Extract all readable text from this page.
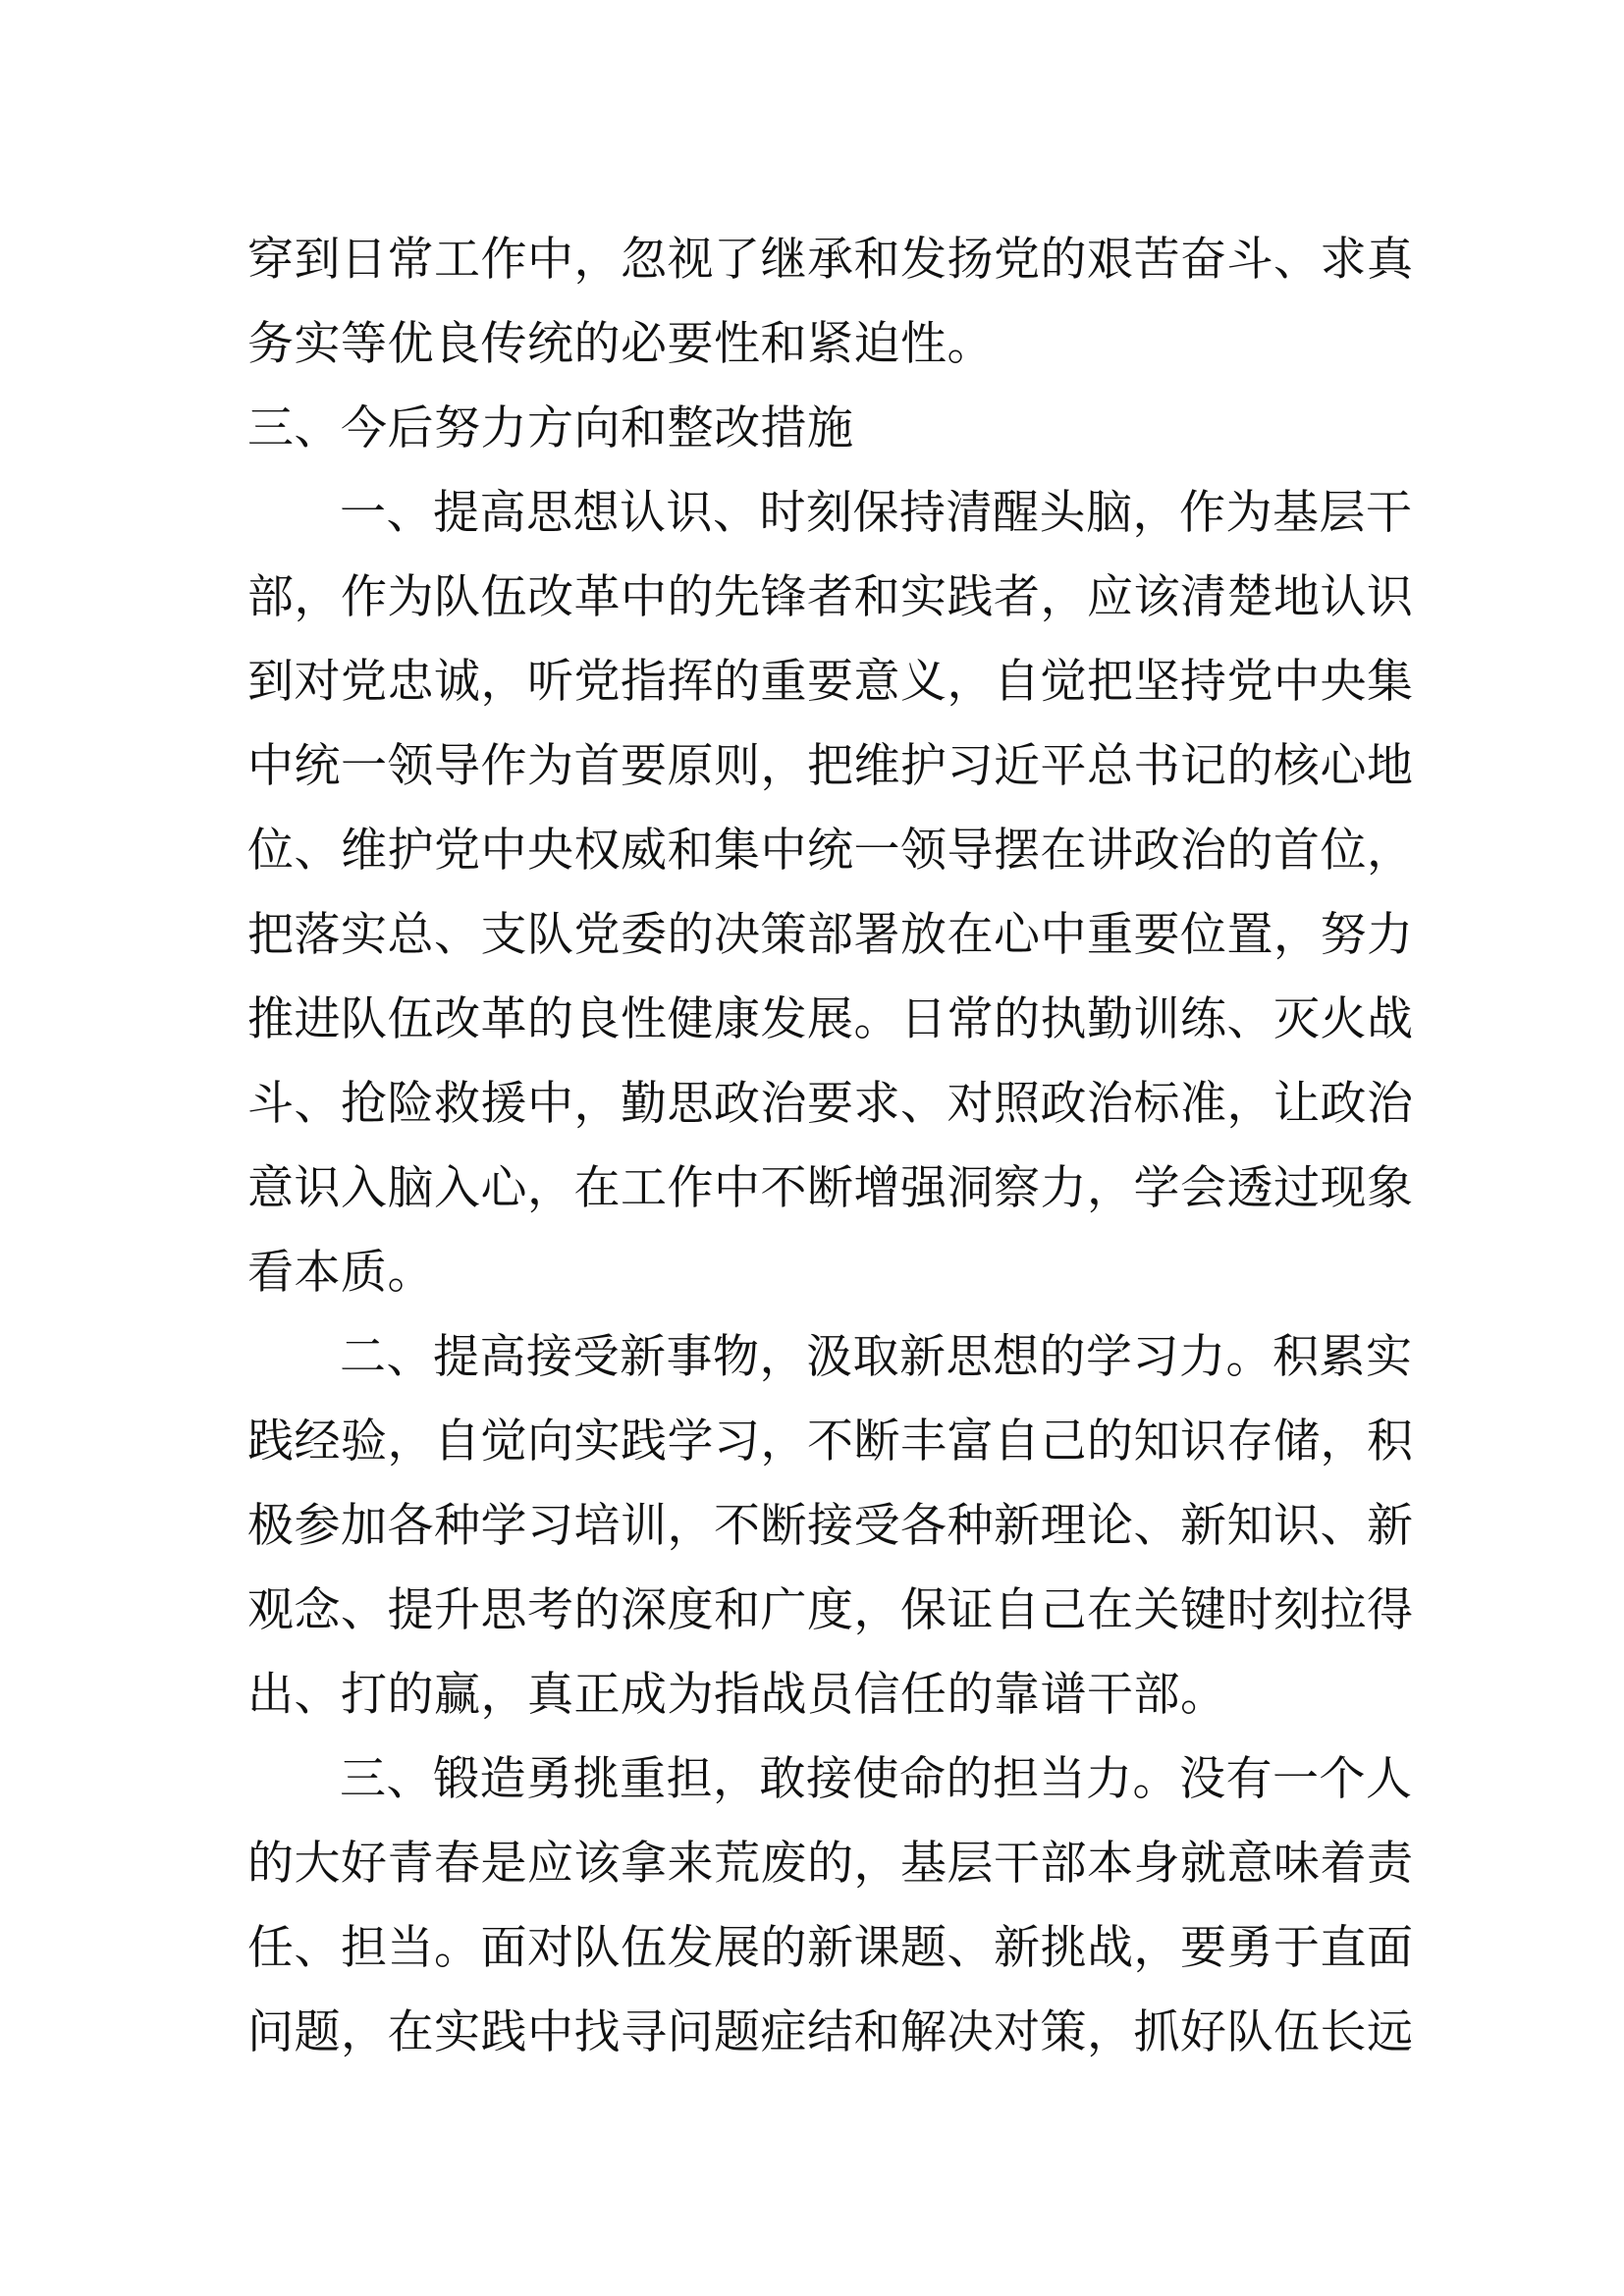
穿到日常工作中，忽视了继承和发扬党的艰苦奋斗、求真
务实等优良传统的必要性和紧迫性。
三、今后努力方向和整改措施
一、提高思想认识、时刻保持清醒头脑，作为基层干
部，作为队伍改革中的先锋者和实践者，应该清楚地认识
到对党忠诚，听党指挥的重要意义，自觉把坚持党中央集
中统一领导作为首要原则，把维护习近平总书记的核心地
位、维护党中央权威和集中统一领导摆在讲政治的首位，
把落实总、支队党委的决策部署放在心中重要位置，努力
推进队伍改革的良性健康发展。日常的执勤训练、灭火战
斗、抢险救援中，勤思政治要求、对照政治标准，让政治
意识入脑入心，在工作中不断增强洞察力，学会透过现象
看本质。
二、提高接受新事物，汲取新思想的学习力。积累实
践经验，自觉向实践学习，不断丰富自己的知识存储，积
极参加各种学习培训，不断接受各种新理论、新知识、新
观念、提升思考的深度和广度，保证自己在关键时刻拉得
出、打的赢，真正成为指战员信任的靠谱干部。
三、锻造勇挑重担，敢接使命的担当力。没有一个人
的大好青春是应该拿来荒废的，基层干部本身就意味着责
任、担当。面对队伍发展的新课题、新挑战，要勇于直面
问题，在实践中找寻问题症结和解决对策，抓好队伍长远
